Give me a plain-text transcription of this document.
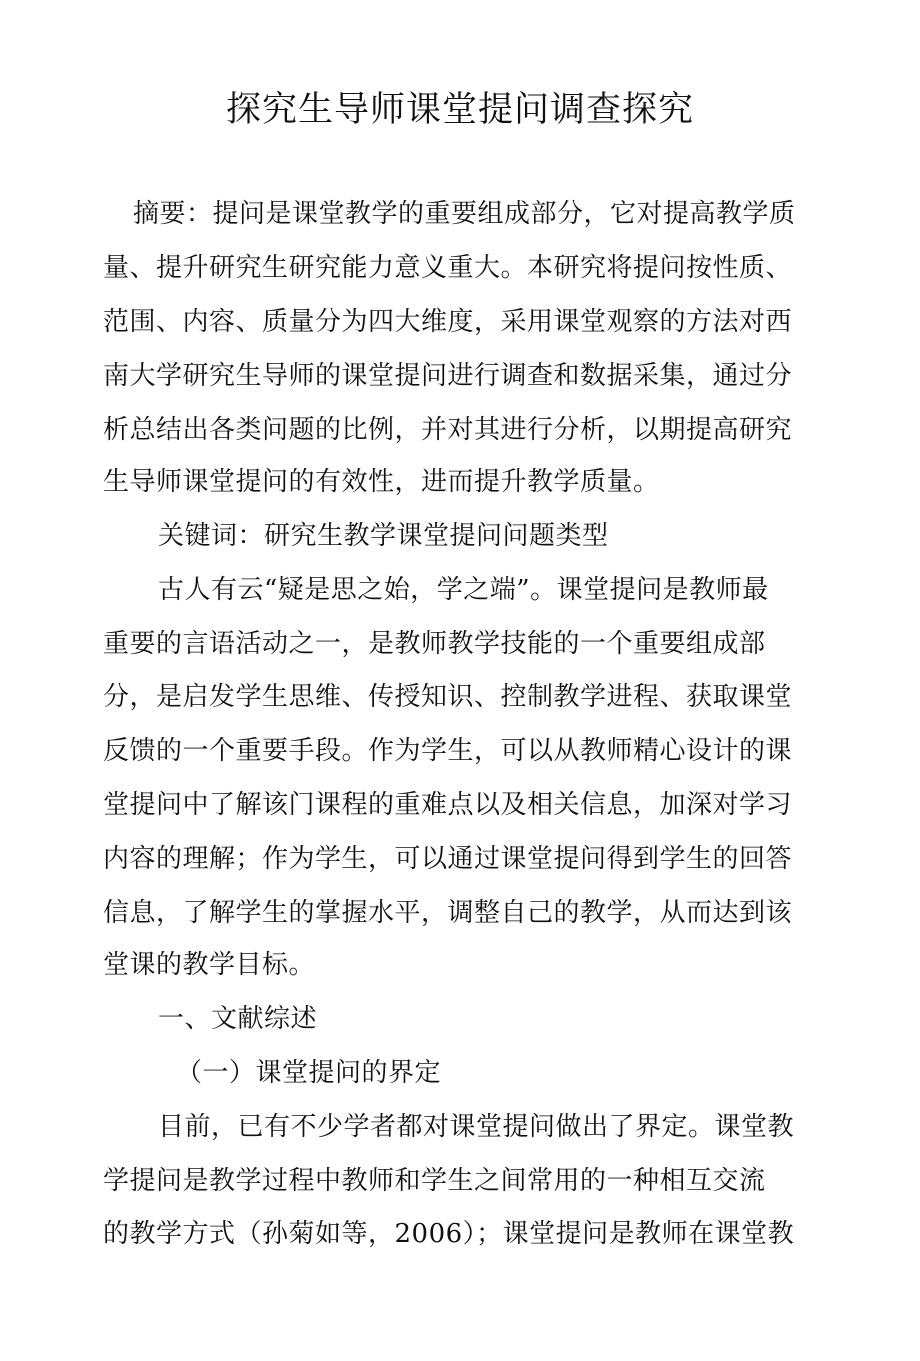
探究生导师课堂提问调查探究
摘要：提问是课堂教学的重要组成部分，它对提高教学质
量、提升研究生研究能力意义重大。本研究将提问按性质、
范围、内容、质量分为四大维度，采用课堂观察的方法对西
南大学研究生导师的课堂提问进行调查和数据采集，通过分
析总结出各类问题的比例，并对其进行分析，以期提高研究
生导师课堂提问的有效性，进而提升教学质量。
关键词：研究生教学课堂提问问题类型
古人有云“疑是思之始，学之端”。课堂提问是教师最
重要的言语活动之一，是教师教学技能的一个重要组成部
分，是启发学生思维、传授知识、控制教学进程、获取课堂
反馈的一个重要手段。作为学生，可以从教师精心设计的课
堂提问中了解该门课程的重难点以及相关信息，加深对学习
内容的理解；作为学生，可以通过课堂提问得到学生的回答
信息，了解学生的掌握水平，调整自己的教学，从而达到该
堂课的教学目标。
一、文献综述
（一）课堂提问的界定
目前，已有不少学者都对课堂提问做出了界定。课堂教
学提问是教学过程中教师和学生之间常用的一种相互交流
的教学方式（孙菊如等，2006）；课堂提问是教师在课堂教
